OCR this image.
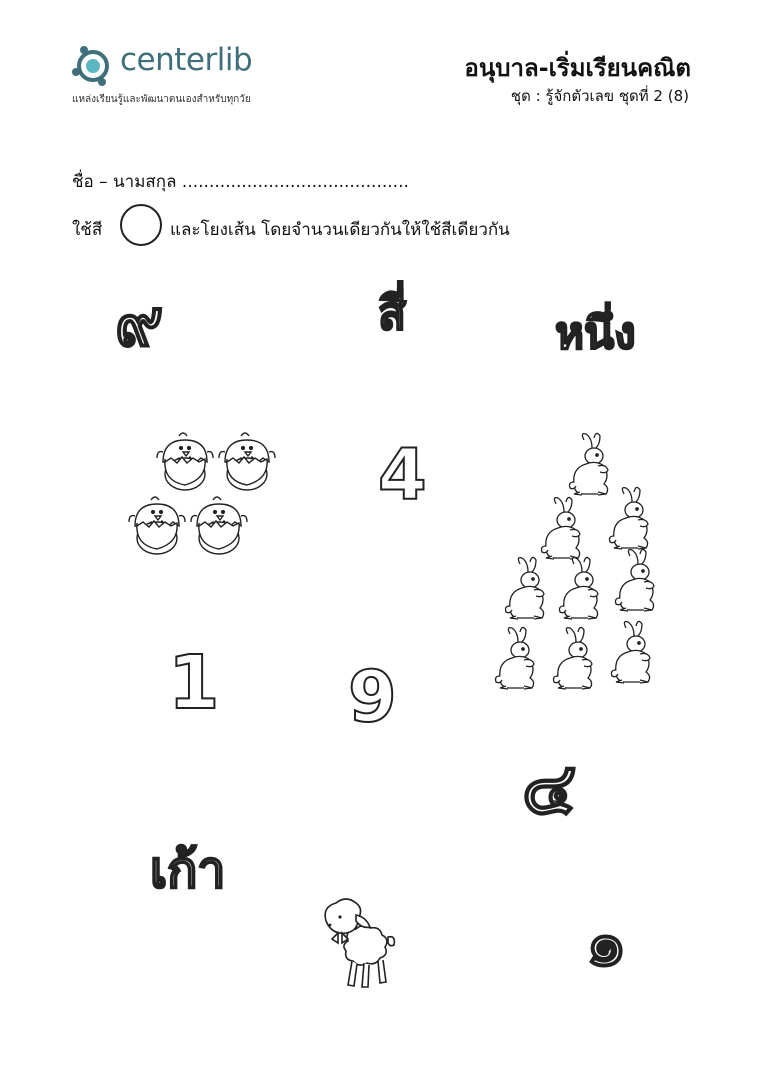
centerlib
แหล่งเรียนรู้และพัฒนาตนเองสำหรับทุกวัย
อนุบาล-เริ่มเรียนคณิต
ชุด : รู้จักตัวเลข ชุดที่ 2 (8)
ชื่อ – นามสกุล ..........................................
ใช้สี	และโยงเส้น โดยจำนวนเดียวกันให้ใช้สีเดียวกัน
๙	สี่	หนึ่ง
4
1 9
๔
เก้า
๑
